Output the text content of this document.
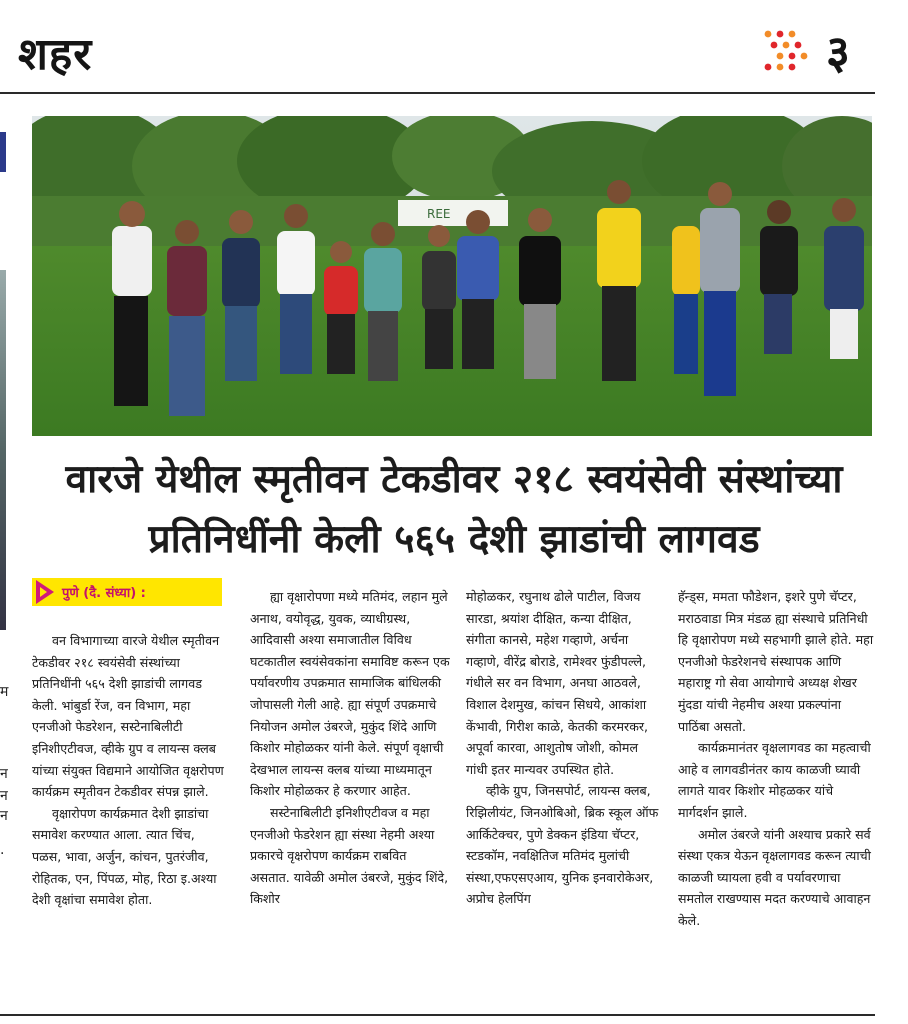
शहर	३
म
न
न
न
.
REE
वारजे येथील स्मृतीवन टेकडीवर २१८ स्वयंसेवी संस्थांच्या
प्रतिनिधींनी केली ५६५ देशी झाडांची लागवड
पुणे (दै. संध्या) :

वन विभागाच्या वारजे येथील स्मृतीवन टेकडीवर २१८ स्वयंसेवी संस्थांच्या प्रतिनिधींनी ५६५ देशी झाडांची लागवड केली. भांबुर्डा रेंज, वन विभाग, महा एनजीओ फेडरेशन, सस्टेनाबिलीटी इनिशीएटीवज, व्हीके ग्रुप व लायन्स क्लब यांच्या संयुक्त विद्यमाने आयोजित वृक्षरोपण कार्यक्रम स्मृतीवन टेकडीवर संपन्न झाले.

वृक्षारोपण कार्यक्रमात देशी झाडांचा समावेश करण्यात आला. त्यात चिंच, पळस, भावा, अर्जुन, कांचन, पुतरंजीव, रोहितक, एन, पिंपळ, मोह, रिठा इ.अश्या देशी वृक्षांचा समावेश होता.

ह्या वृक्षारोपणा मध्ये मतिमंद, लहान मुले अनाथ, वयोवृद्ध, युवक, व्याधीग्रस्थ, आदिवासी अश्या समाजातील विविध घटकातील स्वयंसेवकांना समाविष्ट करून एक पर्यावरणीय उपक्रमात सामाजिक बांधिलकी जोपासली गेली आहे. ह्या संपूर्ण उपक्रमाचे नियोजन अमोल उंबरजे, मुकुंद शिंदे आणि किशोर मोहोळकर यांनी केले. संपूर्ण वृक्षाची देखभाल लायन्स क्लब यांच्या माध्यमातून किशोर मोहोळकर हे करणार आहेत.

सस्टेनाबिलीटी इनिशीएटीवज व महा एनजीओ फेडरेशन ह्या संस्था नेहमी अश्या प्रकारचे वृक्षरोपण कार्यक्रम राबवित असतात. यावेळी अमोल उंबरजे, मुकुंद शिंदे, किशोर

मोहोळकर, रघुनाथ ढोले पाटील, विजय सारडा, श्रयांश दीक्षित, कन्या दीक्षित, संगीता कानसे, महेश गव्हाणे, अर्चना गव्हाणे, वीरेंद्र बोराडे, रामेश्वर फुंडीपल्ले, गंधीले सर वन विभाग, अनघा आठवले, विशाल देशमुख, कांचन सिधये, आकांशा केंभावी, गिरीश काळे, केतकी करमरकर, अपूर्वा कारवा, आशुतोष जोशी, कोमल गांधी इतर मान्यवर उपस्थित होते.

व्हीके ग्रुप, जिनसपोर्ट, लायन्स क्लब, रिझिलीयंट, जिनओबिओ, ब्रिक स्कूल ऑफ आर्किटेक्चर, पुणे डेक्कन इंडिया चॅप्टर, स्टडकॉम, नवक्षितिज मतिमंद मुलांची संस्था,एफएसएआय, युनिक इनवारोकेअर, अप्रोच हेलपिंग

हॅन्ड्स, ममता फौडेशन, इशरे पुणे चॅप्टर, मराठवाडा मित्र मंडळ ह्या संस्थाचे प्रतिनिधी हि वृक्षारोपण मध्ये सहभागी झाले होते. महा एनजीओ फेडरेशनचे संस्थापक आणि महाराष्ट्र गो सेवा आयोगाचे अध्यक्ष शेखर मुंदडा यांची नेहमीच अश्या प्रकल्पांना पाठिंबा असतो.

कार्यक्रमानंतर वृक्षलागवड का महत्वाची आहे व लागवडीनंतर काय काळजी घ्यावी लागते यावर किशोर मोहळकर यांचे मार्गदर्शन झाले.

अमोल उंबरजे यांनी अश्याच प्रकारे सर्व संस्था एकत्र येऊन वृक्षलागवड करून त्याची काळजी घ्यायला हवी व पर्यावरणाचा समतोल राखण्यास मदत करण्याचे आवाहन केले.
